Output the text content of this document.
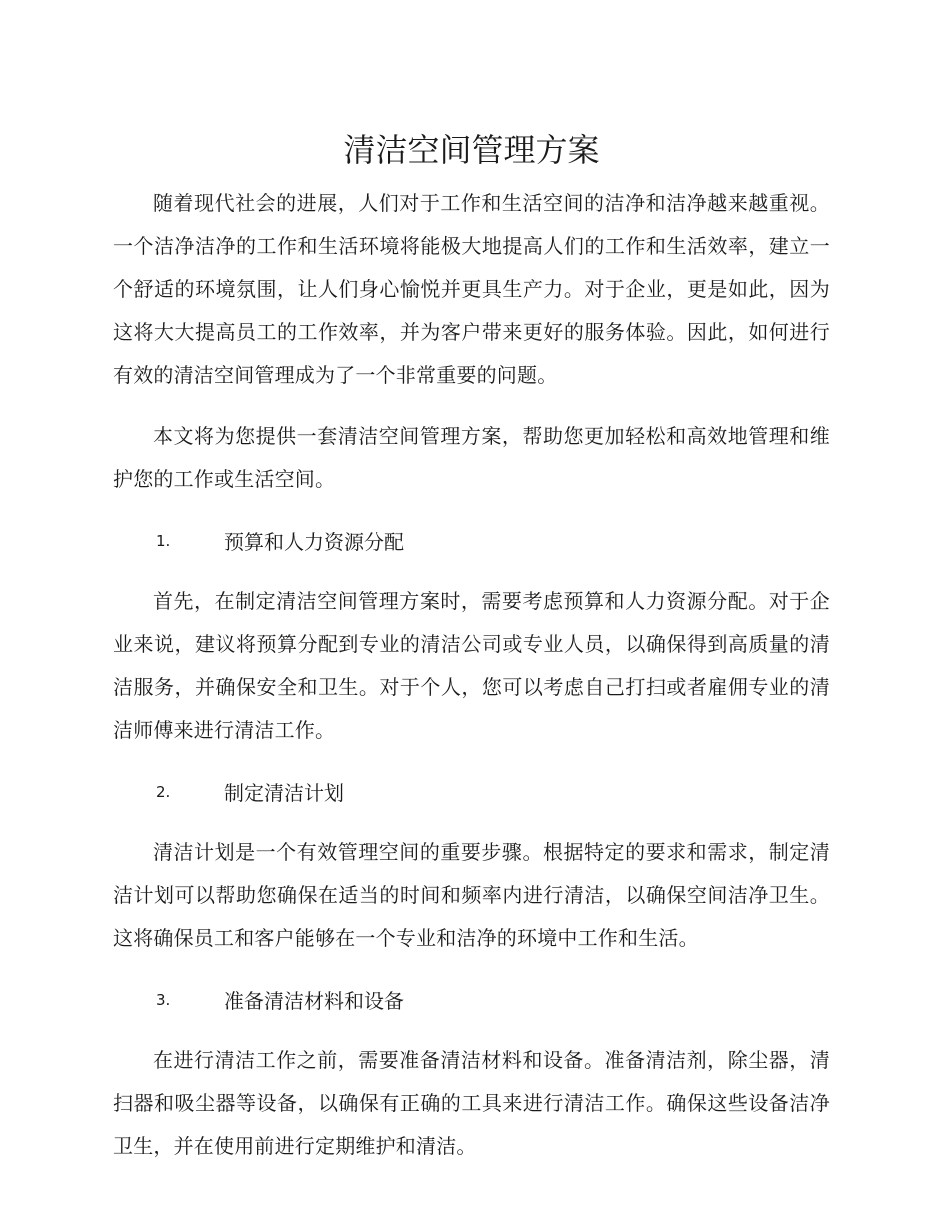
清洁空间管理方案

随着现代社会的进展，人们对于工作和生活空间的洁净和洁净越来越重视。一个洁净洁净的工作和生活环境将能极大地提高人们的工作和生活效率，建立一个舒适的环境氛围，让人们身心愉悦并更具生产力。对于企业，更是如此，因为这将大大提高员工的工作效率，并为客户带来更好的服务体验。因此，如何进行有效的清洁空间管理成为了一个非常重要的问题。

本文将为您提供一套清洁空间管理方案，帮助您更加轻松和高效地管理和维护您的工作或生活空间。

1.	预算和人力资源分配

首先，在制定清洁空间管理方案时，需要考虑预算和人力资源分配。对于企业来说，建议将预算分配到专业的清洁公司或专业人员，以确保得到高质量的清洁服务，并确保安全和卫生。对于个人，您可以考虑自己打扫或者雇佣专业的清洁师傅来进行清洁工作。

2.	制定清洁计划

清洁计划是一个有效管理空间的重要步骤。根据特定的要求和需求，制定清洁计划可以帮助您确保在适当的时间和频率内进行清洁，以确保空间洁净卫生。这将确保员工和客户能够在一个专业和洁净的环境中工作和生活。

3.	准备清洁材料和设备

在进行清洁工作之前，需要准备清洁材料和设备。准备清洁剂，除尘器，清扫器和吸尘器等设备，以确保有正确的工具来进行清洁工作。确保这些设备洁净卫生，并在使用前进行定期维护和清洁。
